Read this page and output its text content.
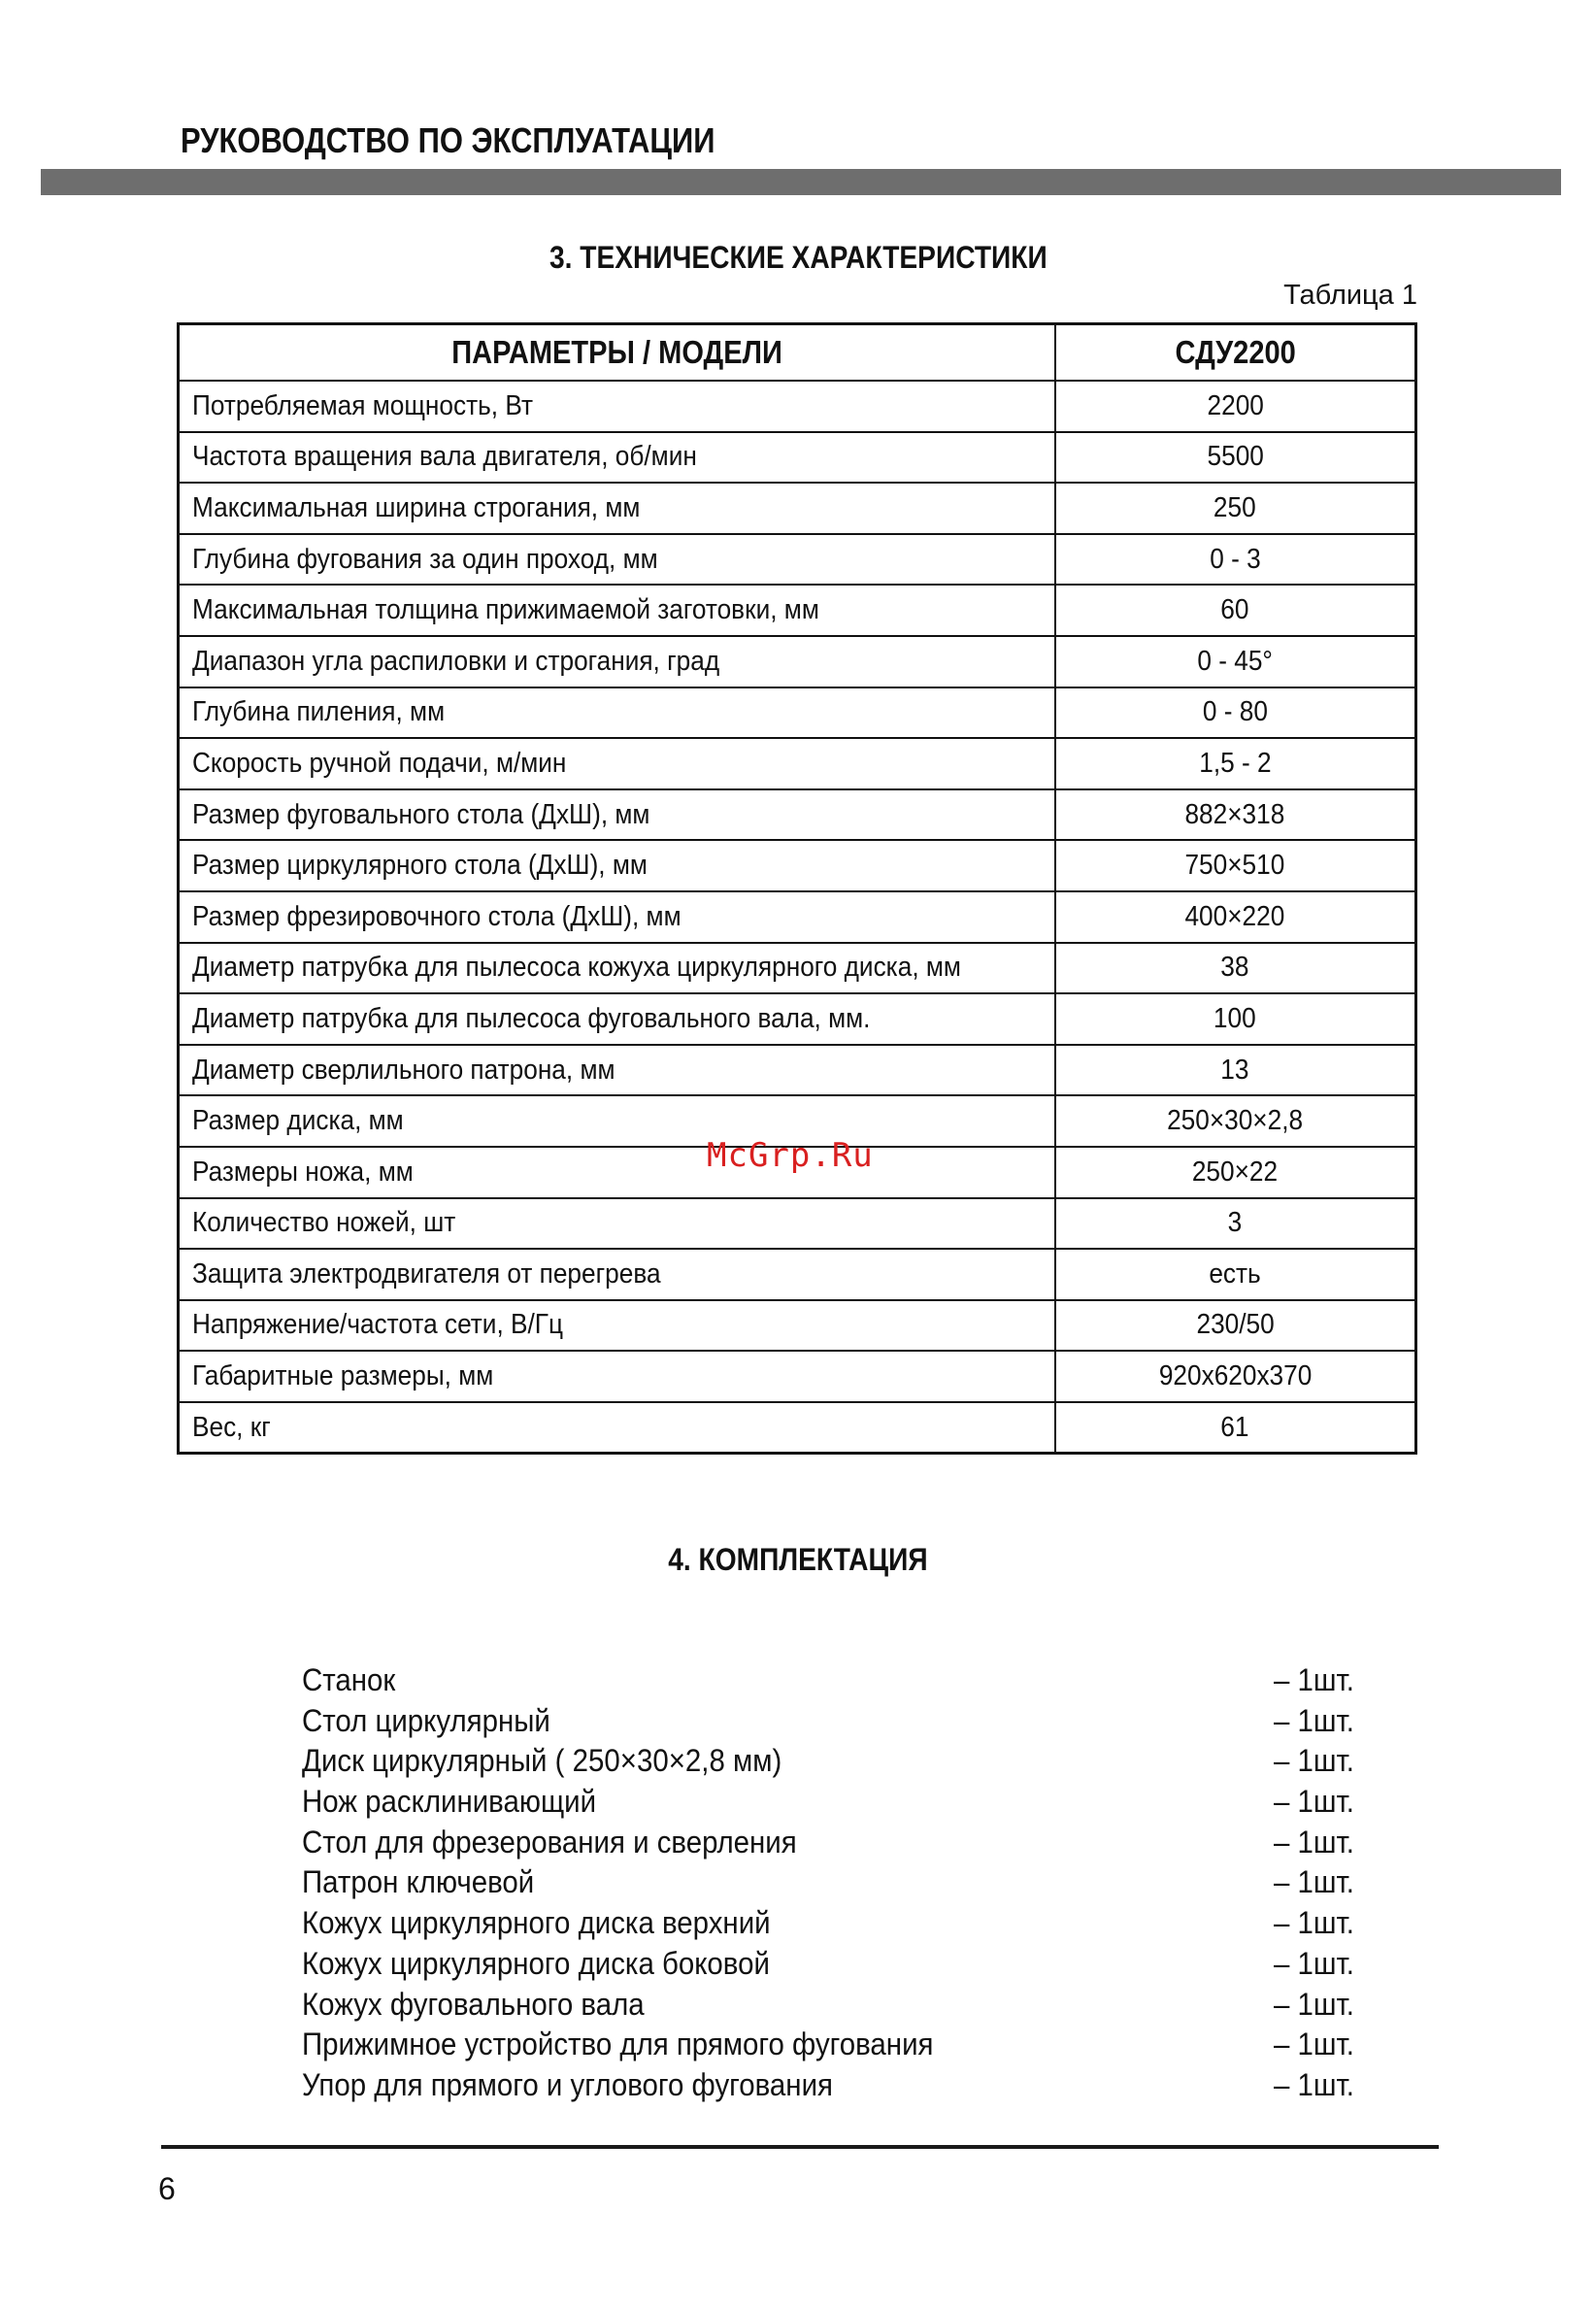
РУКОВОДСТВО ПО ЭКСПЛУАТАЦИИ
3. ТЕХНИЧЕСКИЕ ХАРАКТЕРИСТИКИ
Таблица 1
ПАРАМЕТРЫ / МОДЕЛИ	СДУ2200
Потребляемая мощность, Вт	2200
Частота вращения вала двигателя, об/мин	5500
Максимальная ширина строгания, мм	250
Глубина фугования за один проход, мм	0 - 3
Максимальная толщина прижимаемой заготовки, мм	60
Диапазон угла распиловки и строгания, град	0 - 45°
Глубина пиления, мм	0 - 80
Скорость ручной подачи, м/мин	1,5 - 2
Размер фуговального стола (ДхШ), мм	882×318
Размер циркулярного стола (ДхШ), мм	750×510
Размер фрезировочного стола (ДхШ), мм	400×220
Диаметр патрубка для пылесоса кожуха циркулярного диска, мм	38
Диаметр патрубка для пылесоса фуговального вала, мм.	100
Диаметр сверлильного патрона, мм	13
Размер диска, мм	250×30×2,8
Размеры ножа, мм	250×22
Количество ножей, шт	3
Защита электродвигателя от перегрева	есть
Напряжение/частота сети, В/Гц	230/50
Габаритные размеры, мм	920x620x370
Вес, кг	61
McGrp.Ru
4. КОМПЛЕКТАЦИЯ
Станок	– 1шт.
Стол циркулярный	– 1шт.
Диск циркулярный ( 250×30×2,8 мм)	– 1шт.
Нож расклинивающий	– 1шт.
Стол для фрезерования и сверления	– 1шт.
Патрон ключевой	– 1шт.
Кожух циркулярного диска верхний	– 1шт.
Кожух циркулярного диска боковой	– 1шт.
Кожух фуговального вала	– 1шт.
Прижимное устройство для прямого фугования	– 1шт.
Упор для прямого и углового фугования	– 1шт.
6
